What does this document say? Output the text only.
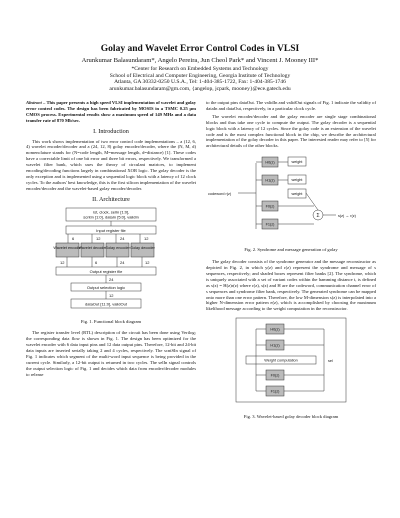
Golay and Wavelet Error Control Codes in VLSI
Arunkumar Balasundaram*, Angelo Pereira, Jun Cheol Park* and Vincent J. Mooney III*
*Center for Research on Embedded Systems and Technology
School of Electrical and Computer Engineering, Georgia Institute of Technology
Atlanta, GA 30332-0250 U.S.A., Tel: 1-404-385-1722, Fax: 1-404-385-1746
arunkumar.balasundaram@gm.com, {angelop, jcpark, mooney}@ece.gatech.edu

Abstract – This paper presents a high speed VLSI implementation of wavelet and golay error control codes. The design has been fabricated by MOSIS in a TSMC 0.25 μm CMOS process. Experimental results show a maximum speed of 149 MHz and a data transfer rate of 870 Mb/sec.

I. Introduction

This work shows implementation of two error control code implementations – a (12, 6, 4) wavelet encoder/decoder and a (24, 12, 8) golay encoder/decoder, where the (N, M, d) nomenclature stands for (N=code length, M=message length, d=distance) [1]. These codes have a correctable limit of one bit error and three bit errors, respectively. We transformed a wavelet filter bank, which uses the theory of circulant matrices, to implement encoding/decoding functions largely in combinational XOR logic. The golay decoder is the only exception and is implemented using a sequential logic block with a latency of 12 clock cycles. To the authors' best knowledge, this is the first silicon implementation of the wavelet encoder/decoder and the wavelet-based golay encoder/decoder.

II. Architecture
rst, clock, selIn [1:0],
scntIn [1:0], dataIn [5:0], validIn
Input register file
6	12	24	12
Wavelet encoder
Wavelet decoder
Golay encoder Golay decoder
12	6	24	12
Output register file
24
Output selection logic
12
dataOut [11:0], validOut
Fig. 1. Functional block diagram

The register transfer level (RTL) description of the circuit has been done using Verilog; the corresponding data flow is shown in Fig. 1. The design has been optimized for the wavelet encoder with 6 data input pins and 12 data output pins. Therefore, 12-bit and 24-bit data inputs are inserted serially taking 2 and 4 cycles, respectively. The scntSIn signal of Fig. 1 indicates which segment of the multi-word input sequence is being provided in the current cycle. Similarly, a 12-bit output is returned in two cycles. The selIn signal controls the output selection logic of Fig. 1 and decides which data from encoder/decoder modules to release

to the output pins dataOut. The validIn and validOut signals of Fig. 1 indicate the validity of dataIn and dataOut, respectively, in a particular clock cycle.

The wavelet encoder/decoder and the golay encoder are single stage combinational blocks and thus take one cycle to compute the output. The golay decoder is a sequential logic block with a latency of 12 cycles. Since the golay code is an extension of the wavelet code and is the most complex functional block in the chip, we describe the architectural implementation of the golay decoder in this paper. The interested reader may refer to [5] for architectural details of the other blocks.

codeword r(z)
H0(z)
H1(z)
F0(z)
F1(z)
weight
weight
weight
Σ	s(z) → r(z)
Fig. 2. Syndrome and message generation of golay

The golay decoder consists of the syndrome generator and the message reconstructor as depicted in Fig. 2, in which y(z) and r(z) represent the syndrome and message of s sequences, respectively; and shaded boxes represent filter banks [2]. The syndrome, which is uniquely associated with a set of variant codes within the hamming distance t, is defined as s(z) = H(z)r(z) where r(z), s(z) and H are the codeword, communication channel error of s sequences and syndrome filter bank, respectively. The generated syndrome can be mapped onto more than one error pattern. Therefore, the low M-dimension s(z) is interpolated into a higher N-dimension error pattern e(z), which is accomplished by choosing the maximum likelihood message according to the weight computation in the reconstructor.

H0(z)
H1(z)
F0(z)
F1(z)
Weight computation	sel
Fig. 3. Wavelet-based golay decoder block diagram
